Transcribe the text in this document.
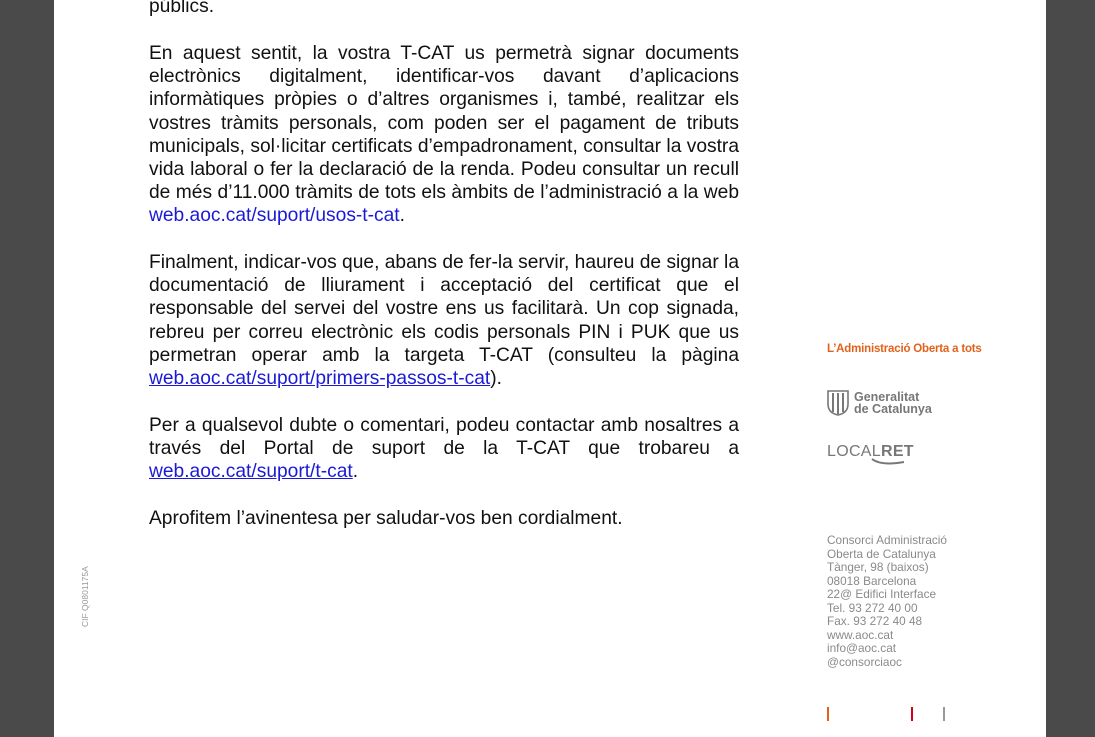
públics.

En aquest sentit, la vostra T-CAT us permetrà signar documents electrònics digitalment, identificar-vos davant d’aplicacions informàtiques pròpies o d’altres organismes i, també, realitzar els vostres tràmits personals, com poden ser el pagament de tributs municipals, sol·licitar certificats d’empadronament, consultar la vostra vida laboral o fer la declaració de la renda. Podeu consultar un recull de més d’11.000 tràmits de tots els àmbits de l’administració a la web web.aoc.cat/suport/usos-t-cat.

Finalment, indicar-vos que, abans de fer-la servir, haureu de signar la documentació de lliurament i acceptació del certificat que el responsable del servei del vostre ens us facilitarà. Un cop signada, rebreu per correu electrònic els codis personals PIN i PUK que us permetran operar amb la targeta T-CAT (consulteu la pàgina web.aoc.cat/suport/primers-passos-t-cat).

Per a qualsevol dubte o comentari, podeu contactar amb nosaltres a través del Portal de suport de la T-CAT que trobareu a web.aoc.cat/suport/t-cat.

Aprofitem l’avinentesa per saludar-vos ben cordialment.

CIF Q0801175A
L’Administració Oberta a tots
Generalitat
de Catalunya
LOCALRET
Consorci Administració
Oberta de Catalunya
Tànger, 98 (baixos)
08018 Barcelona
22@ Edifici Interface
Tel. 93 272 40 00
Fax. 93 272 40 48
www.aoc.cat
info@aoc.cat
@consorciaoc
